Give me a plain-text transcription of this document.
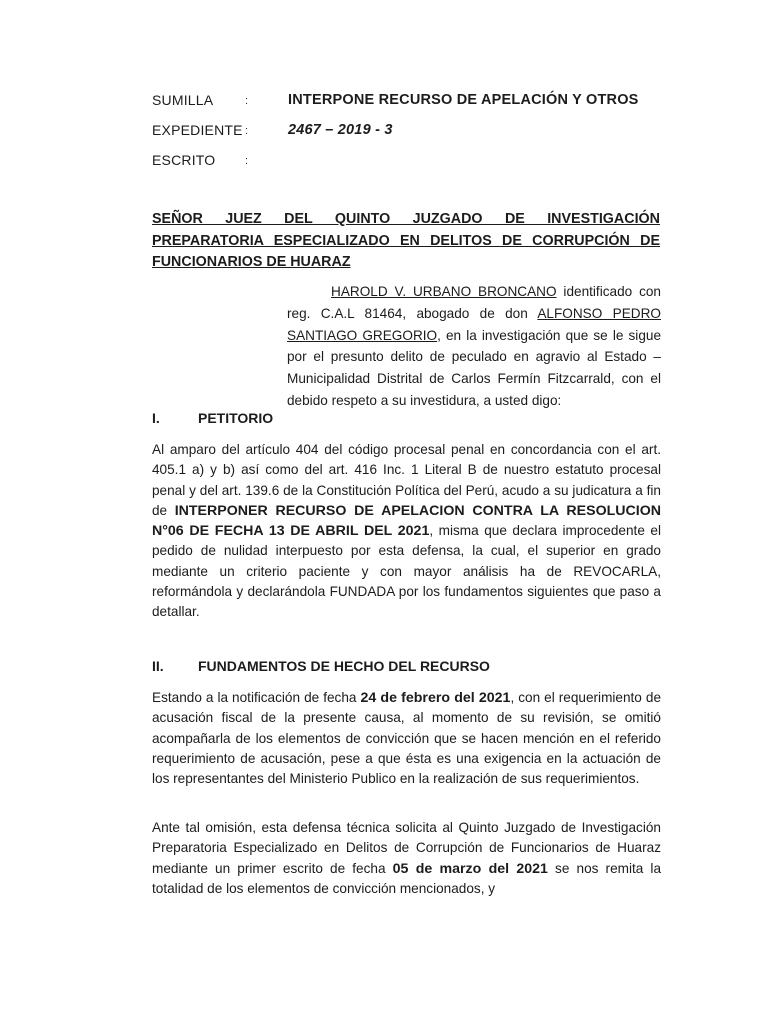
SUMILLA	:	INTERPONE RECURSO DE APELACIÓN Y OTROS
EXPEDIENTE :	2467 – 2019 - 3
ESCRITO	:
SEÑOR JUEZ DEL QUINTO JUZGADO DE INVESTIGACIÓN PREPARATORIA ESPECIALIZADO EN DELITOS DE CORRUPCIÓN DE FUNCIONARIOS DE HUARAZ
HAROLD V. URBANO BRONCANO identificado con reg. C.A.L 81464, abogado de don ALFONSO PEDRO SANTIAGO GREGORIO, en la investigación que se le sigue por el presunto delito de peculado en agravio al Estado – Municipalidad Distrital de Carlos Fermín Fitzcarrald, con el debido respeto a su investidura, a usted digo:
I.	PETITORIO
Al amparo del artículo 404 del código procesal penal en concordancia con el art. 405.1 a) y b) así como del art. 416 Inc. 1 Literal B de nuestro estatuto procesal penal y del art. 139.6 de la Constitución Política del Perú, acudo a su judicatura a fin de INTERPONER RECURSO DE APELACION CONTRA LA RESOLUCION N°06 DE FECHA 13 DE ABRIL DEL 2021, misma que declara improcedente el pedido de nulidad interpuesto por esta defensa, la cual, el superior en grado mediante un criterio paciente y con mayor análisis ha de REVOCARLA, reformándola y declarándola FUNDADA por los fundamentos siguientes que paso a detallar.
II. FUNDAMENTOS DE HECHO DEL RECURSO
Estando a la notificación de fecha 24 de febrero del 2021, con el requerimiento de acusación fiscal de la presente causa, al momento de su revisión, se omitió acompañarla de los elementos de convicción que se hacen mención en el referido requerimiento de acusación, pese a que ésta es una exigencia en la actuación de los representantes del Ministerio Publico en la realización de sus requerimientos.
Ante tal omisión, esta defensa técnica solicita al Quinto Juzgado de Investigación Preparatoria Especializado en Delitos de Corrupción de Funcionarios de Huaraz mediante un primer escrito de fecha 05 de marzo del 2021 se nos remita la totalidad de los elementos de convicción mencionados, y
